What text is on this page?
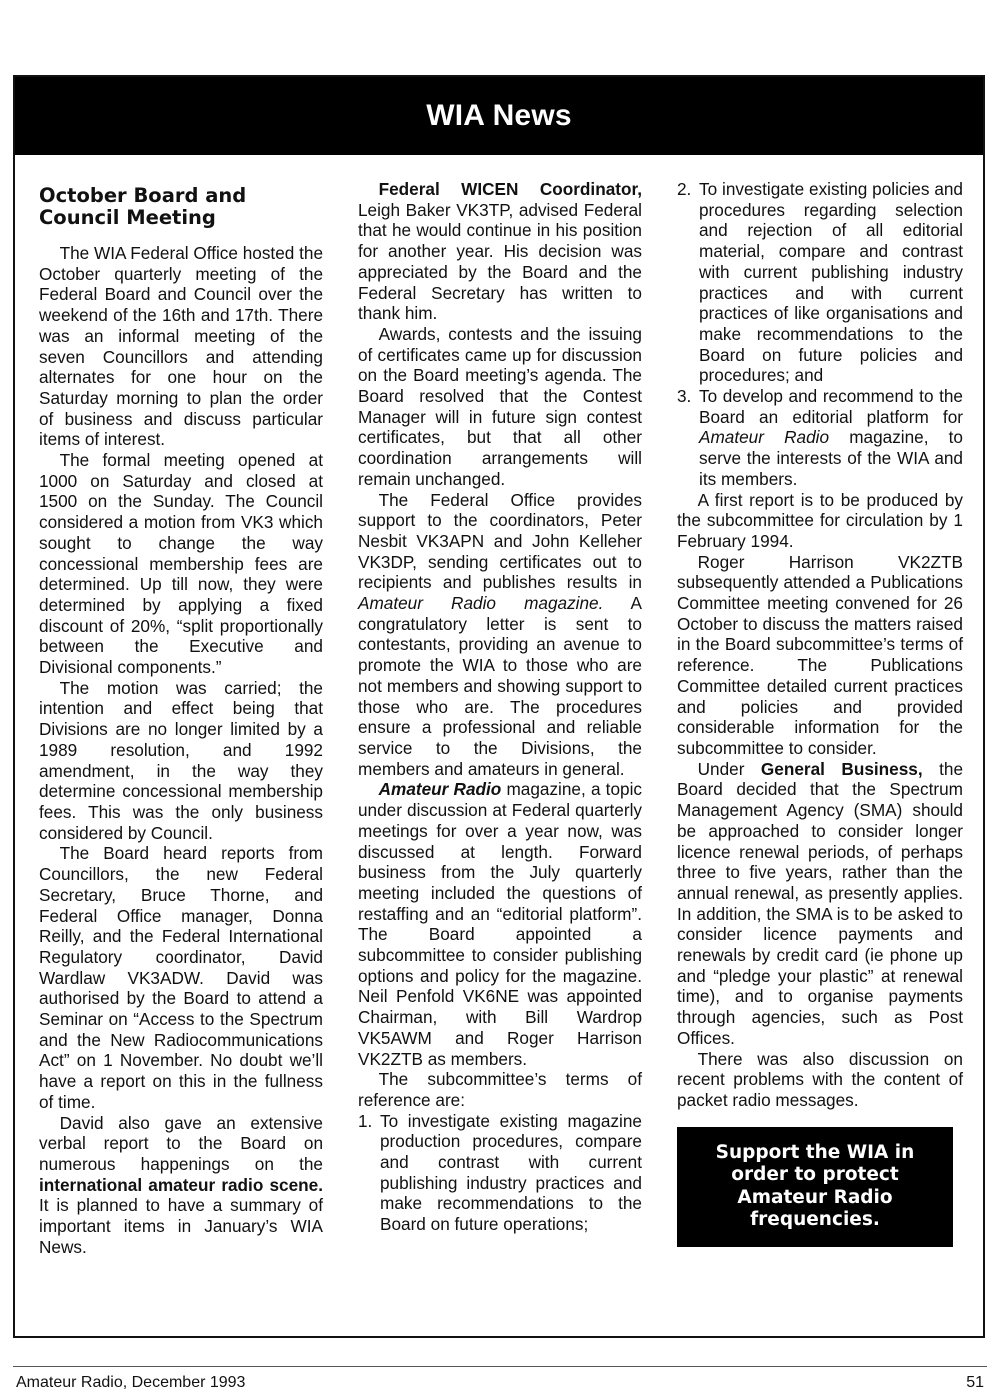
WIA News
October Board and Council Meeting

The WIA Federal Office hosted the October quarterly meeting of the Federal Board and Council over the weekend of the 16th and 17th. There was an informal meeting of the seven Councillors and attending alternates for one hour on the Saturday morning to plan the order of business and discuss particular items of interest.

The formal meeting opened at 1000 on Saturday and closed at 1500 on the Sunday. The Council considered a motion from VK3 which sought to change the way concessional membership fees are determined. Up till now, they were determined by applying a fixed discount of 20%, “split proportionally between the Executive and Divisional components.”

The motion was carried; the intention and effect being that Divisions are no longer limited by a 1989 resolution, and 1992 amendment, in the way they determine concessional membership fees. This was the only business considered by Council.

The Board heard reports from Councillors, the new Federal Secretary, Bruce Thorne, and Federal Office manager, Donna Reilly, and the Federal International Regulatory coordinator, David Wardlaw VK3ADW. David was authorised by the Board to attend a Seminar on “Access to the Spectrum and the New Radiocommunications Act” on 1 November. No doubt we’ll have a report on this in the fullness of time.

David also gave an extensive verbal report to the Board on numerous happenings on the international amateur radio scene. It is planned to have a summary of important items in January’s WIA News.

Federal WICEN Coordinator, Leigh Baker VK3TP, advised Federal that he would continue in his position for another year. His decision was appreciated by the Board and the Federal Secretary has written to thank him.

Awards, contests and the issuing of certificates came up for discussion on the Board meeting’s agenda. The Board resolved that the Contest Manager will in future sign contest certificates, but that all other coordination arrangements will remain unchanged.

The Federal Office provides support to the coordinators, Peter Nesbit VK3APN and John Kelleher VK3DP, sending certificates out to recipients and publishes results in Amateur Radio magazine. A congratulatory letter is sent to contestants, providing an avenue to promote the WIA to those who are not members and showing support to those who are. The procedures ensure a professional and reliable service to the Divisions, the members and amateurs in general.

Amateur Radio magazine, a topic under discussion at Federal quarterly meetings for over a year now, was discussed at length. Forward business from the July quarterly meeting included the questions of restaffing and an “editorial platform”. The Board appointed a subcommittee to consider publishing options and policy for the magazine. Neil Penfold VK6NE was appointed Chairman, with Bill Wardrop VK5AWM and Roger Harrison VK2ZTB as members.

The subcommittee’s terms of reference are:

1. To investigate existing magazine production procedures, compare and contrast with current publishing industry practices and make recommendations to the Board on future operations;
2. To investigate existing policies and procedures regarding selection and rejection of all editorial material, compare and contrast with current publishing industry practices and with current practices of like organisations and make recommendations to the Board on future policies and procedures; and
3. To develop and recommend to the Board an editorial platform for Amateur Radio magazine, to serve the interests of the WIA and its members.

A first report is to be produced by the subcommittee for circulation by 1 February 1994.

Roger Harrison VK2ZTB subsequently attended a Publications Committee meeting convened for 26 October to discuss the matters raised in the Board subcommittee’s terms of reference. The Publications Committee detailed current practices and policies and provided considerable information for the subcommittee to consider.

Under General Business, the Board decided that the Spectrum Management Agency (SMA) should be approached to consider longer licence renewal periods, of perhaps three to five years, rather than the annual renewal, as presently applies. In addition, the SMA is to be asked to consider licence payments and renewals by credit card (ie phone up and “pledge your plastic” at renewal time), and to organise payments through agencies, such as Post Offices.

There was also discussion on recent problems with the content of packet radio messages.

Support the WIA in order to protect Amateur Radio frequencies.
Amateur Radio, December 1993	51
